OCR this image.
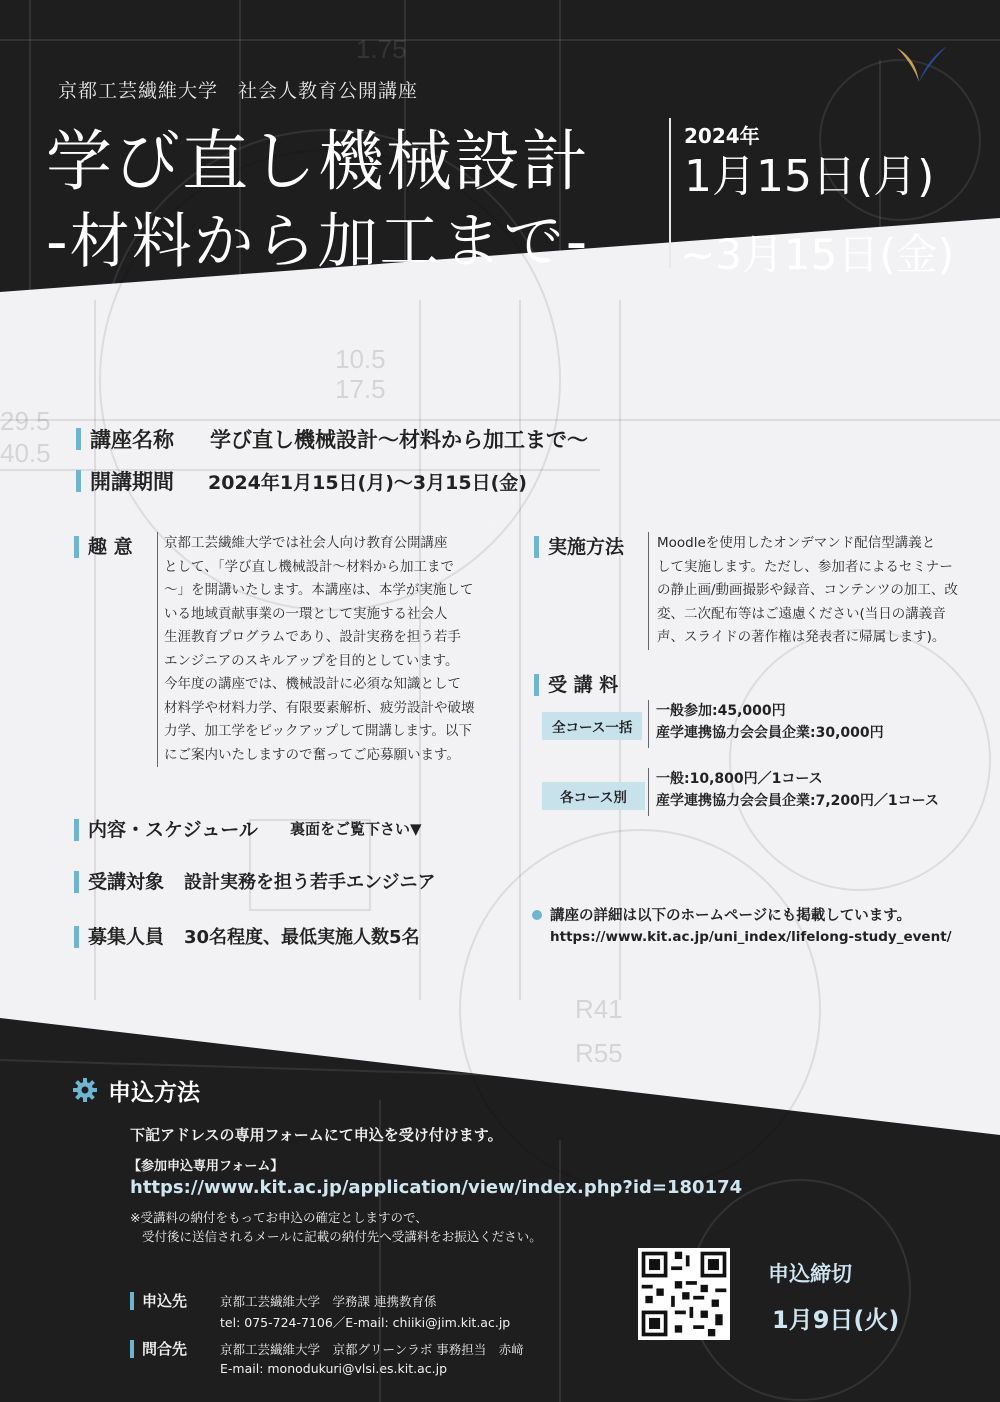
10.5
17.5
29.5
40.5
R41
R55
1.75
京都工芸繊維大学　社会人教育公開講座
学び直し機械設計
-材料から加工まで-
2024年
1月15日(月)
~3月15日(金)
講座名称 学び直し機械設計～材料から加工まで～
開講期間 2024年1月15日(月)～3月15日(金)
趣 意 京都工芸繊維大学では社会人向け教育公開講座
として、「学び直し機械設計～材料から加工まで
～」を開講いたします。本講座は、本学が実施して
いる地域貢献事業の一環として実施する社会人
生涯教育プログラムであり、設計実務を担う若手
エンジニアのスキルアップを目的としています。
今年度の講座では、機械設計に必須な知識として
材料学や材料力学、有限要素解析、疲労設計や破壊
力学、加工学をピックアップして開講します。以下
にご案内いたしますので奮ってご応募願います。
実施方法 Moodleを使用したオンデマンド配信型講義と
して実施します。ただし、参加者によるセミナー
の静止画/動画撮影や録音、コンテンツの加工、改
変、二次配布等はご遠慮ください(当日の講義音
声、スライドの著作権は発表者に帰属します)。
受 講 料
全コース一括
一般参加:45,000円
産学連携協力会会員企業:30,000円
各コース別
一般:10,800円／1コース
産学連携協力会会員企業:7,200円／1コース
内容・スケジュール 裏面をご覧下さい▼
受講対象 設計実務を担う若手エンジニア
募集人員 30名程度、最低実施人数5名
講座の詳細は以下のホームページにも掲載しています。
https://www.kit.ac.jp/uni_index/lifelong-study_event/
申込方法
下記アドレスの専用フォームにて申込を受け付けます。
【参加申込専用フォーム】
https://www.kit.ac.jp/application/view/index.php?id=180174
※受講料の納付をもってお申込の確定としますので、
受付後に送信されるメールに記載の納付先へ受講料をお振込ください。
申込先	京都工芸繊維大学　学務課 連携教育係
tel: 075-724-7106／E-mail: chiiki@jim.kit.ac.jp
問合先	京都工芸繊維大学　京都グリーンラボ 事務担当　赤﨑
E-mail: monodukuri@vlsi.es.kit.ac.jp
申込締切
1月9日(火)
